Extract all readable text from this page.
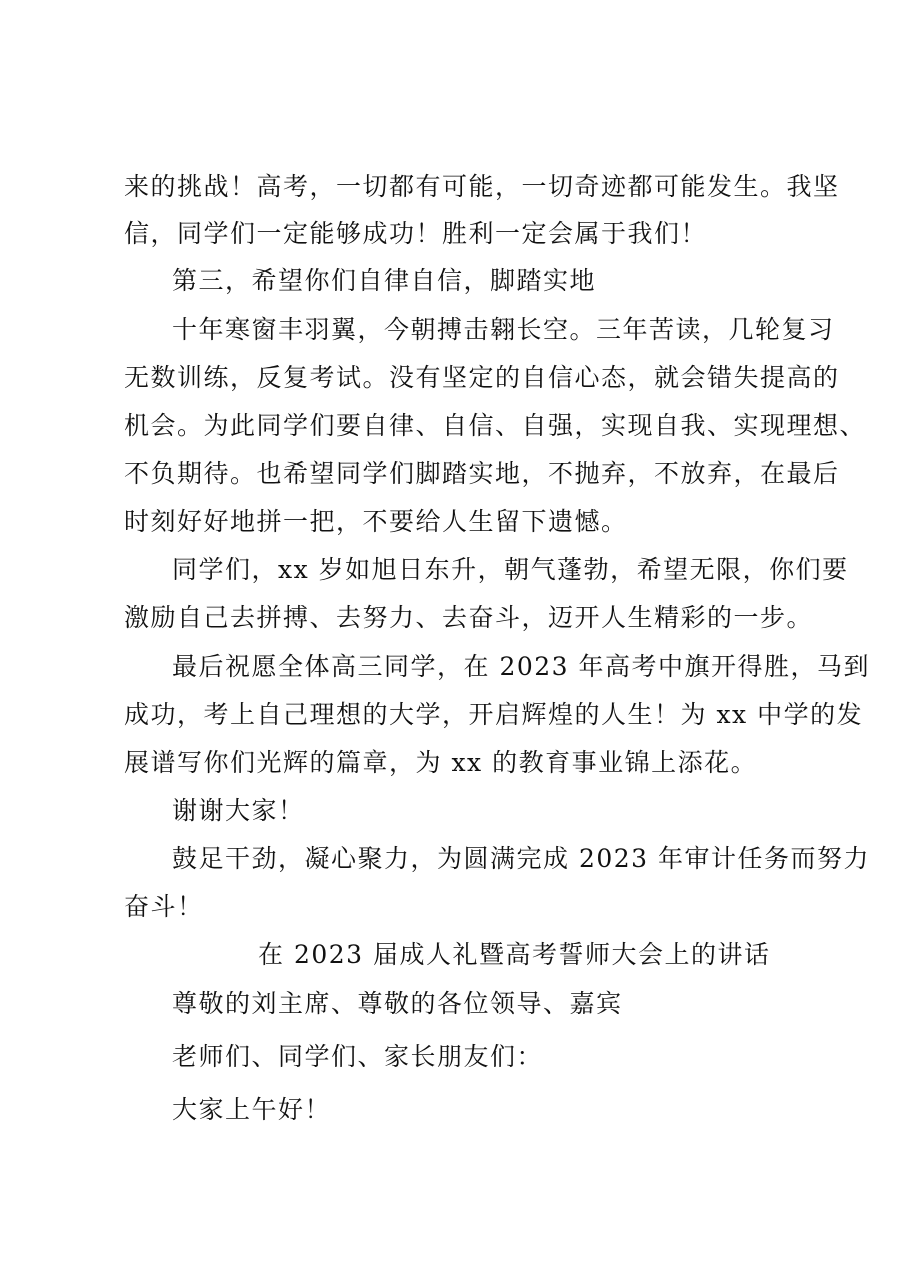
来的挑战！高考，一切都有可能，一切奇迹都可能发生。我坚
信，同学们一定能够成功！胜利一定会属于我们！
第三，希望你们自律自信，脚踏实地
十年寒窗丰羽翼，今朝搏击翱长空。三年苦读，几轮复习
无数训练，反复考试。没有坚定的自信心态，就会错失提高的
机会。为此同学们要自律、自信、自强，实现自我、实现理想、
不负期待。也希望同学们脚踏实地，不抛弃，不放弃，在最后
时刻好好地拼一把，不要给人生留下遗憾。
同学们，xx 岁如旭日东升，朝气蓬勃，希望无限，你们要
激励自己去拼搏、去努力、去奋斗，迈开人生精彩的一步。
最后祝愿全体高三同学，在 2023 年高考中旗开得胜，马到
成功，考上自己理想的大学，开启辉煌的人生！为 xx 中学的发
展谱写你们光辉的篇章，为 xx 的教育事业锦上添花。
谢谢大家！
鼓足干劲，凝心聚力，为圆满完成 2023 年审计任务而努力
奋斗！
在 2023 届成人礼暨高考誓师大会上的讲话
尊敬的刘主席、尊敬的各位领导、嘉宾
老师们、同学们、家长朋友们：
大家上午好！
